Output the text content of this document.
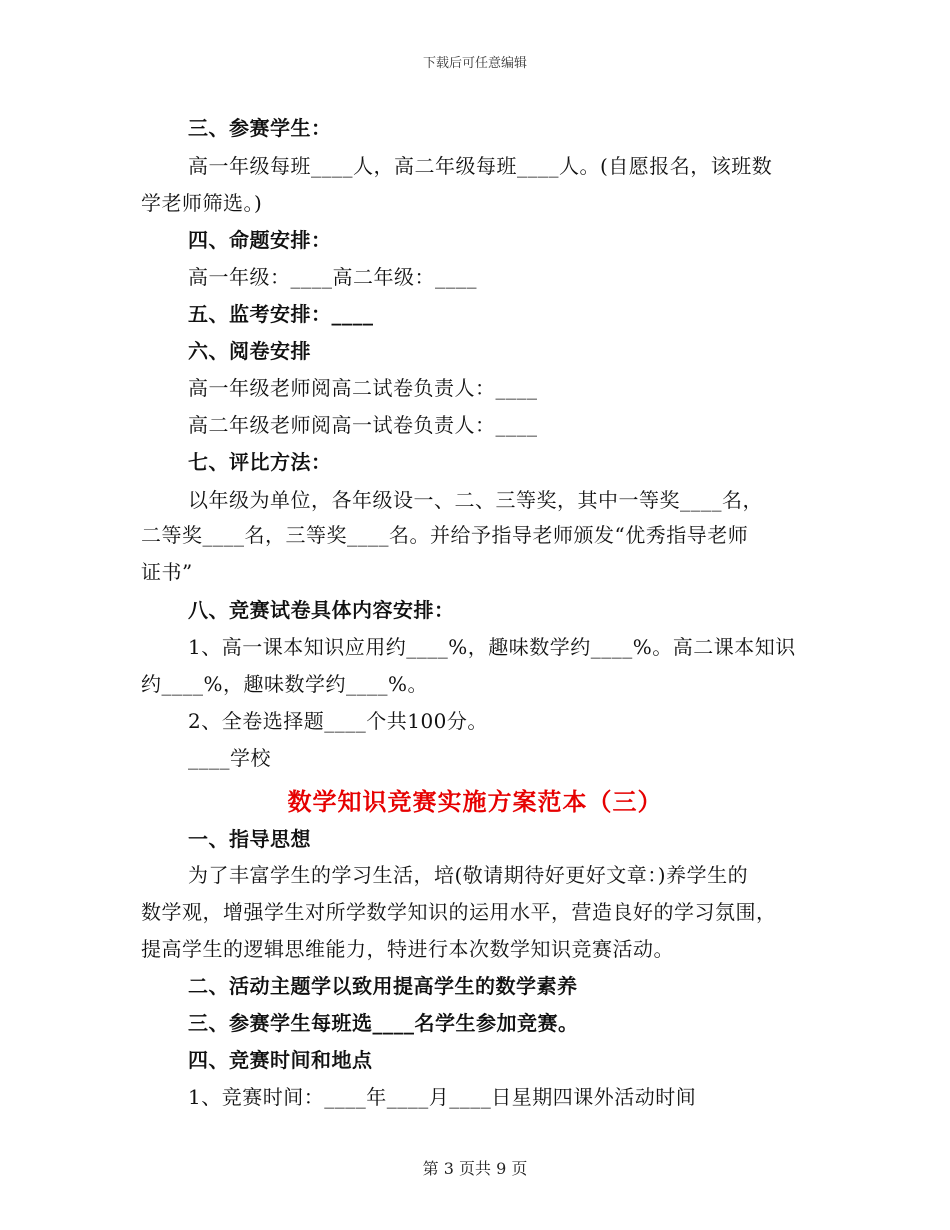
下载后可任意编辑
三、参赛学生：
高一年级每班____人，高二年级每班____人。(自愿报名，该班数
学老师筛选。)
四、命题安排：
高一年级：____高二年级：____
五、监考安排：____
六、阅卷安排
高一年级老师阅高二试卷负责人：____
高二年级老师阅高一试卷负责人：____
七、评比方法：
以年级为单位，各年级设一、二、三等奖，其中一等奖____名，
二等奖____名，三等奖____名。并给予指导老师颁发“优秀指导老师
证书”
八、竞赛试卷具体内容安排：
1、高一课本知识应用约____%，趣味数学约____%。高二课本知识
约____%，趣味数学约____%。
2、全卷选择题____个共100分。
____学校
数学知识竞赛实施方案范本（三）
一、指导思想
为了丰富学生的学习生活，培(敬请期待好更好文章：)养学生的
数学观，增强学生对所学数学知识的运用水平，营造良好的学习氛围，
提高学生的逻辑思维能力，特进行本次数学知识竞赛活动。
二、活动主题学以致用提高学生的数学素养
三、参赛学生每班选____名学生参加竞赛。
四、竞赛时间和地点
1、竞赛时间：____年____月____日星期四课外活动时间
第 3 页共 9 页
